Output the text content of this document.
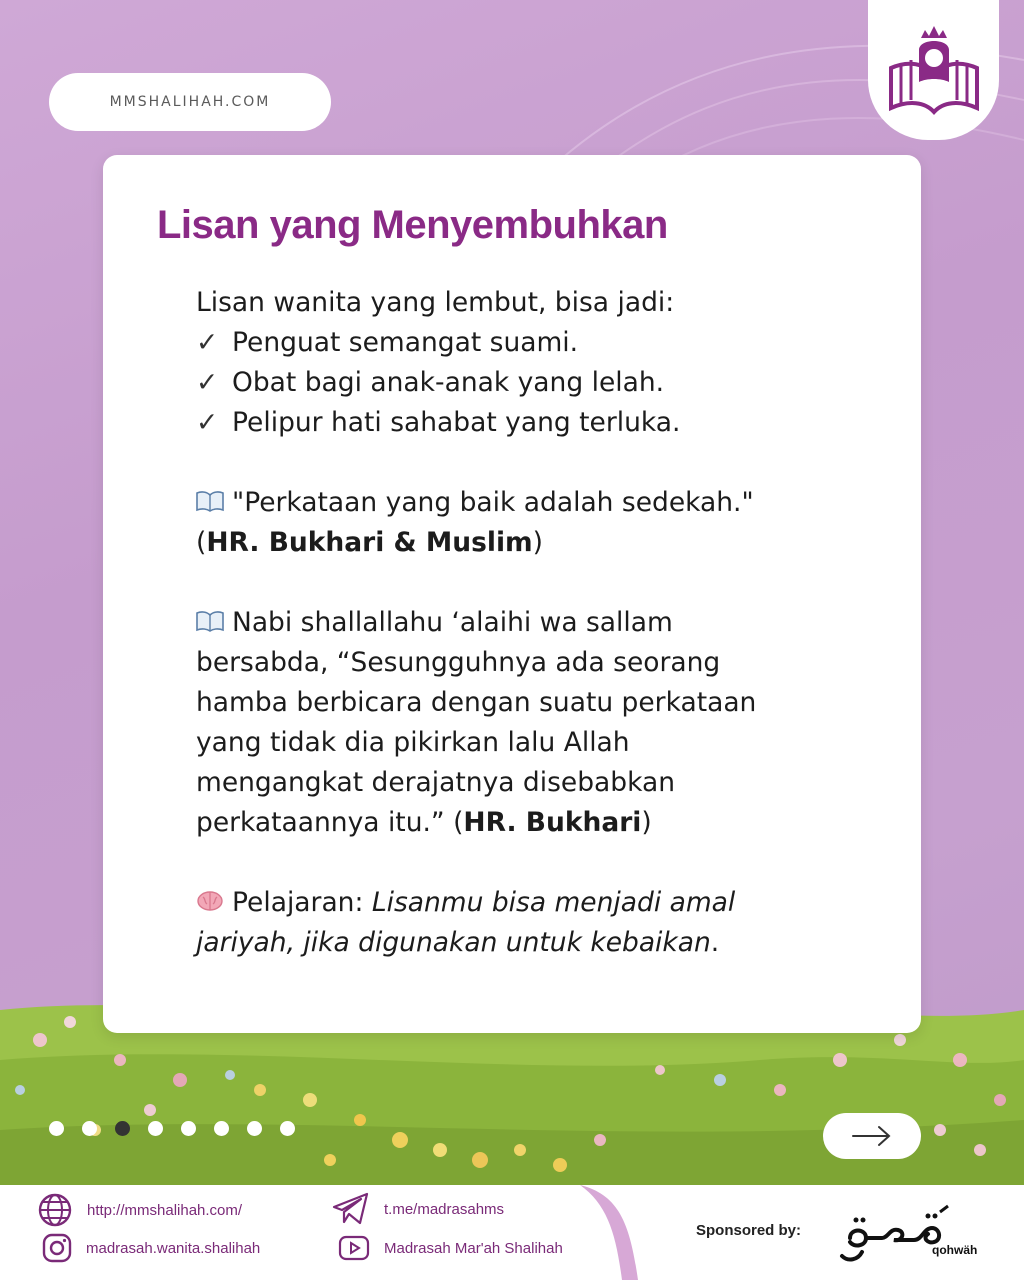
MMSHALIHAH.COM
Lisan yang Menyembuhkan

Lisan wanita yang lembut, bisa jadi:

✓ Penguat semangat suami.

✓ Obat bagi anak-anak yang lelah.

✓ Pelipur hati sahabat yang terluka.

"Perkataan yang baik adalah sedekah."

(HR. Bukhari & Muslim)

Nabi shallallahu ‘alaihi wa sallam

bersabda, “Sesungguhnya ada seorang

hamba berbicara dengan suatu perkataan

yang tidak dia pikirkan lalu Allah

mengangkat derajatnya disebabkan

perkataannya itu.” (HR. Bukhari)

Pelajaran: Lisanmu bisa menjadi amal

jariyah, jika digunakan untuk kebaikan.

http://mmshalihah.com/
madrasah.wanita.shalihah
t.me/madrasahms
Madrasah Mar'ah Shalihah
Sponsored by:
qohwäh
